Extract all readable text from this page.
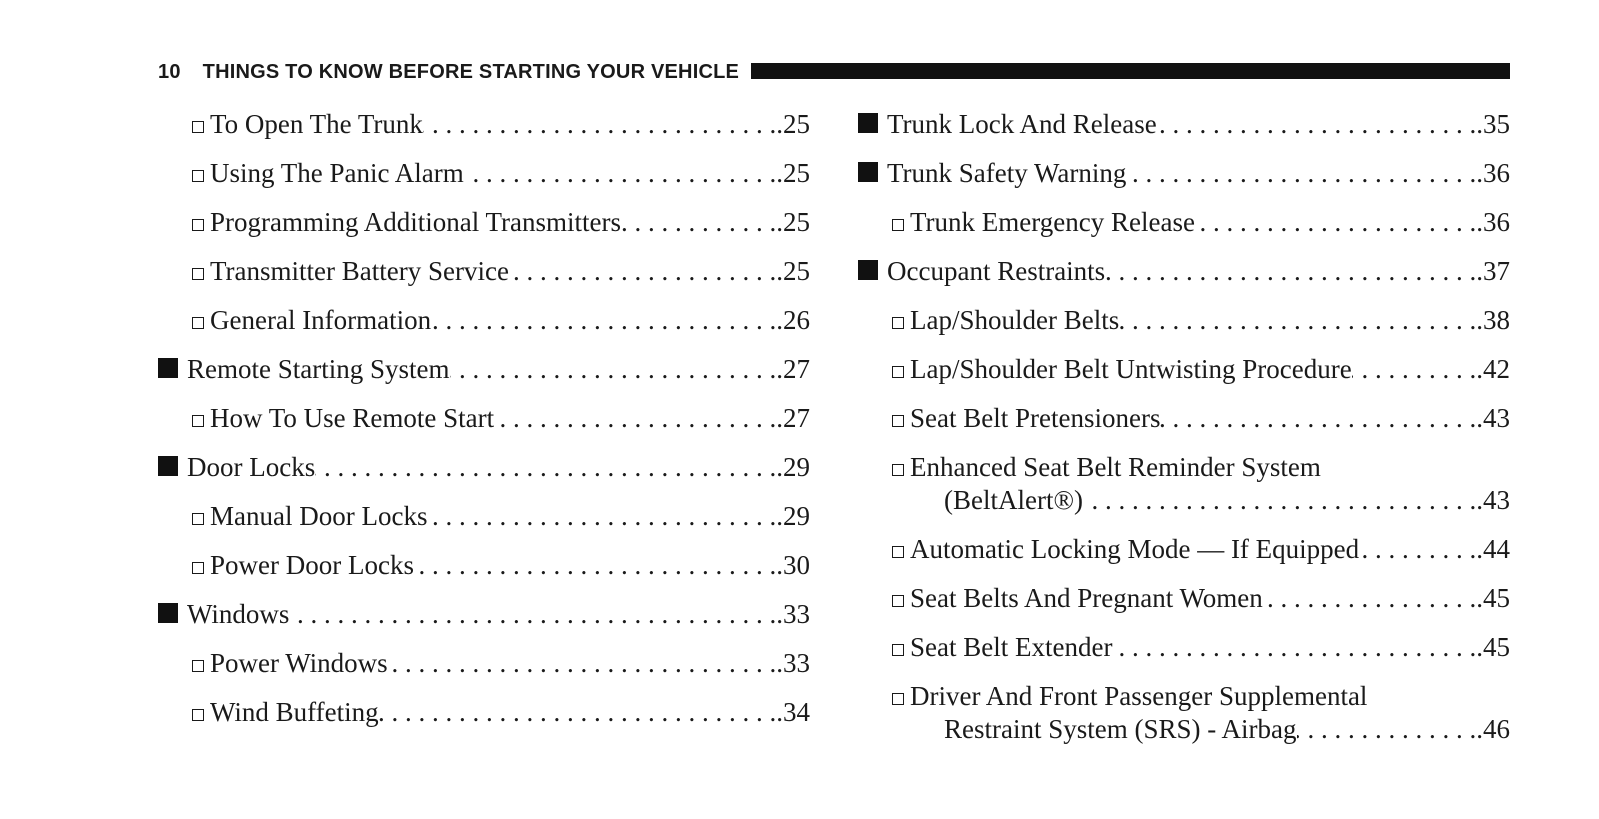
10 THINGS TO KNOW BEFORE STARTING YOUR VEHICLE
To Open The Trunk . . .	.25
Using The Panic Alarm . . .	.25
Programming Additional Transmitters . . .	.25
Transmitter Battery Service . . .	.25
General Information . . .	.26
Remote Starting System . . .	.27
How To Use Remote Start . . .	.27
Door Locks . . .	.29
Manual Door Locks . . .	.29
Power Door Locks . . .	.30
Windows . . .	.33
Power Windows . . .	.33
Wind Buffeting . . .	.34
Trunk Lock And Release . . .	.35
Trunk Safety Warning . . .	.36
Trunk Emergency Release . . .	.36
Occupant Restraints . . .	.37
Lap/Shoulder Belts . . .	.38
Lap/Shoulder Belt Untwisting Procedure . . .	.42
Seat Belt Pretensioners . . .	.43
Enhanced Seat Belt Reminder System
(BeltAlert®) . . .	.43
Automatic Locking Mode — If Equipped . . .	.44
Seat Belts And Pregnant Women . . .	.45
Seat Belt Extender . . .	.45
Driver And Front Passenger Supplemental
Restraint System (SRS) - Airbag . . .	.46
